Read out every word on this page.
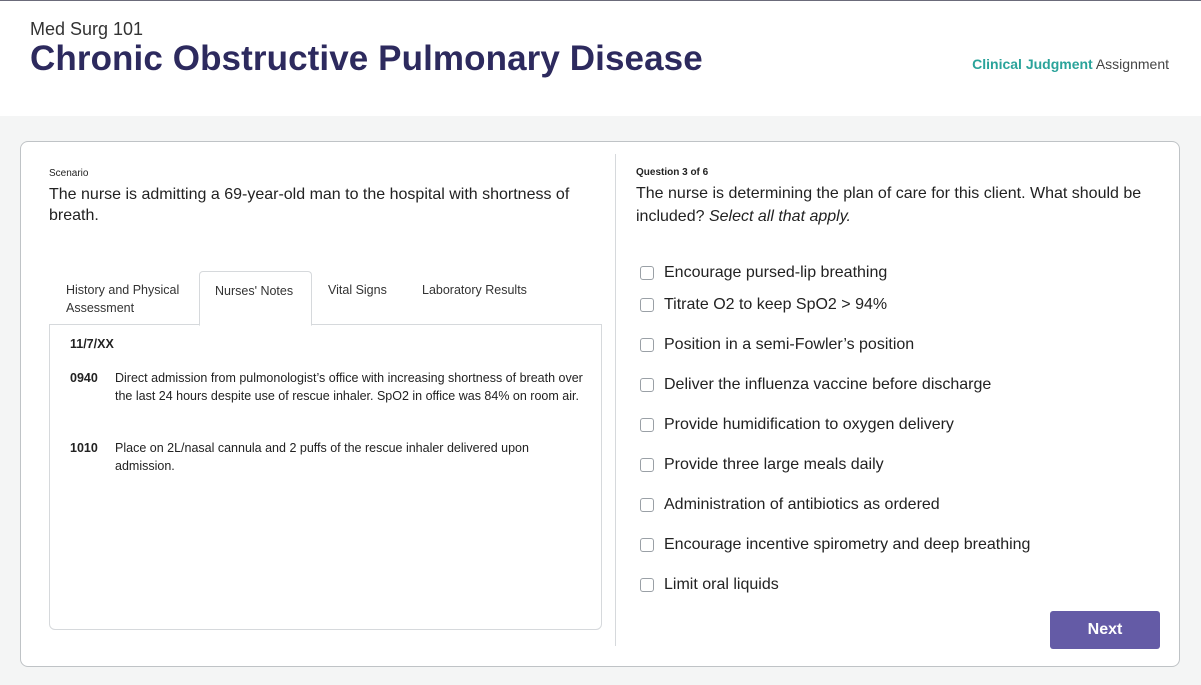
Med Surg 101
Chronic Obstructive Pulmonary Disease	Clinical Judgment Assignment
Scenario

The nurse is admitting a 69-year-old man to the hospital with shortness of breath.

History and Physical Assessment
Nurses' Notes	Vital Signs	Laboratory Results
11/7/XX
0940 Direct admission from pulmonologist’s office with increasing shortness of breath over the last 24 hours despite use of rescue inhaler. SpO2 in office was 84% on room air.
1010 Place on 2L/nasal cannula and 2 puffs of the rescue inhaler delivered upon admission.
Question 3 of 6

The nurse is determining the plan of care for this client. What should be included? Select all that apply.

Encourage pursed-lip breathing
Titrate O2 to keep SpO2 > 94%
Position in a semi-Fowler’s position
Deliver the influenza vaccine before discharge
Provide humidification to oxygen delivery
Provide three large meals daily
Administration of antibiotics as ordered
Encourage incentive spirometry and deep breathing
Limit oral liquids
Next
